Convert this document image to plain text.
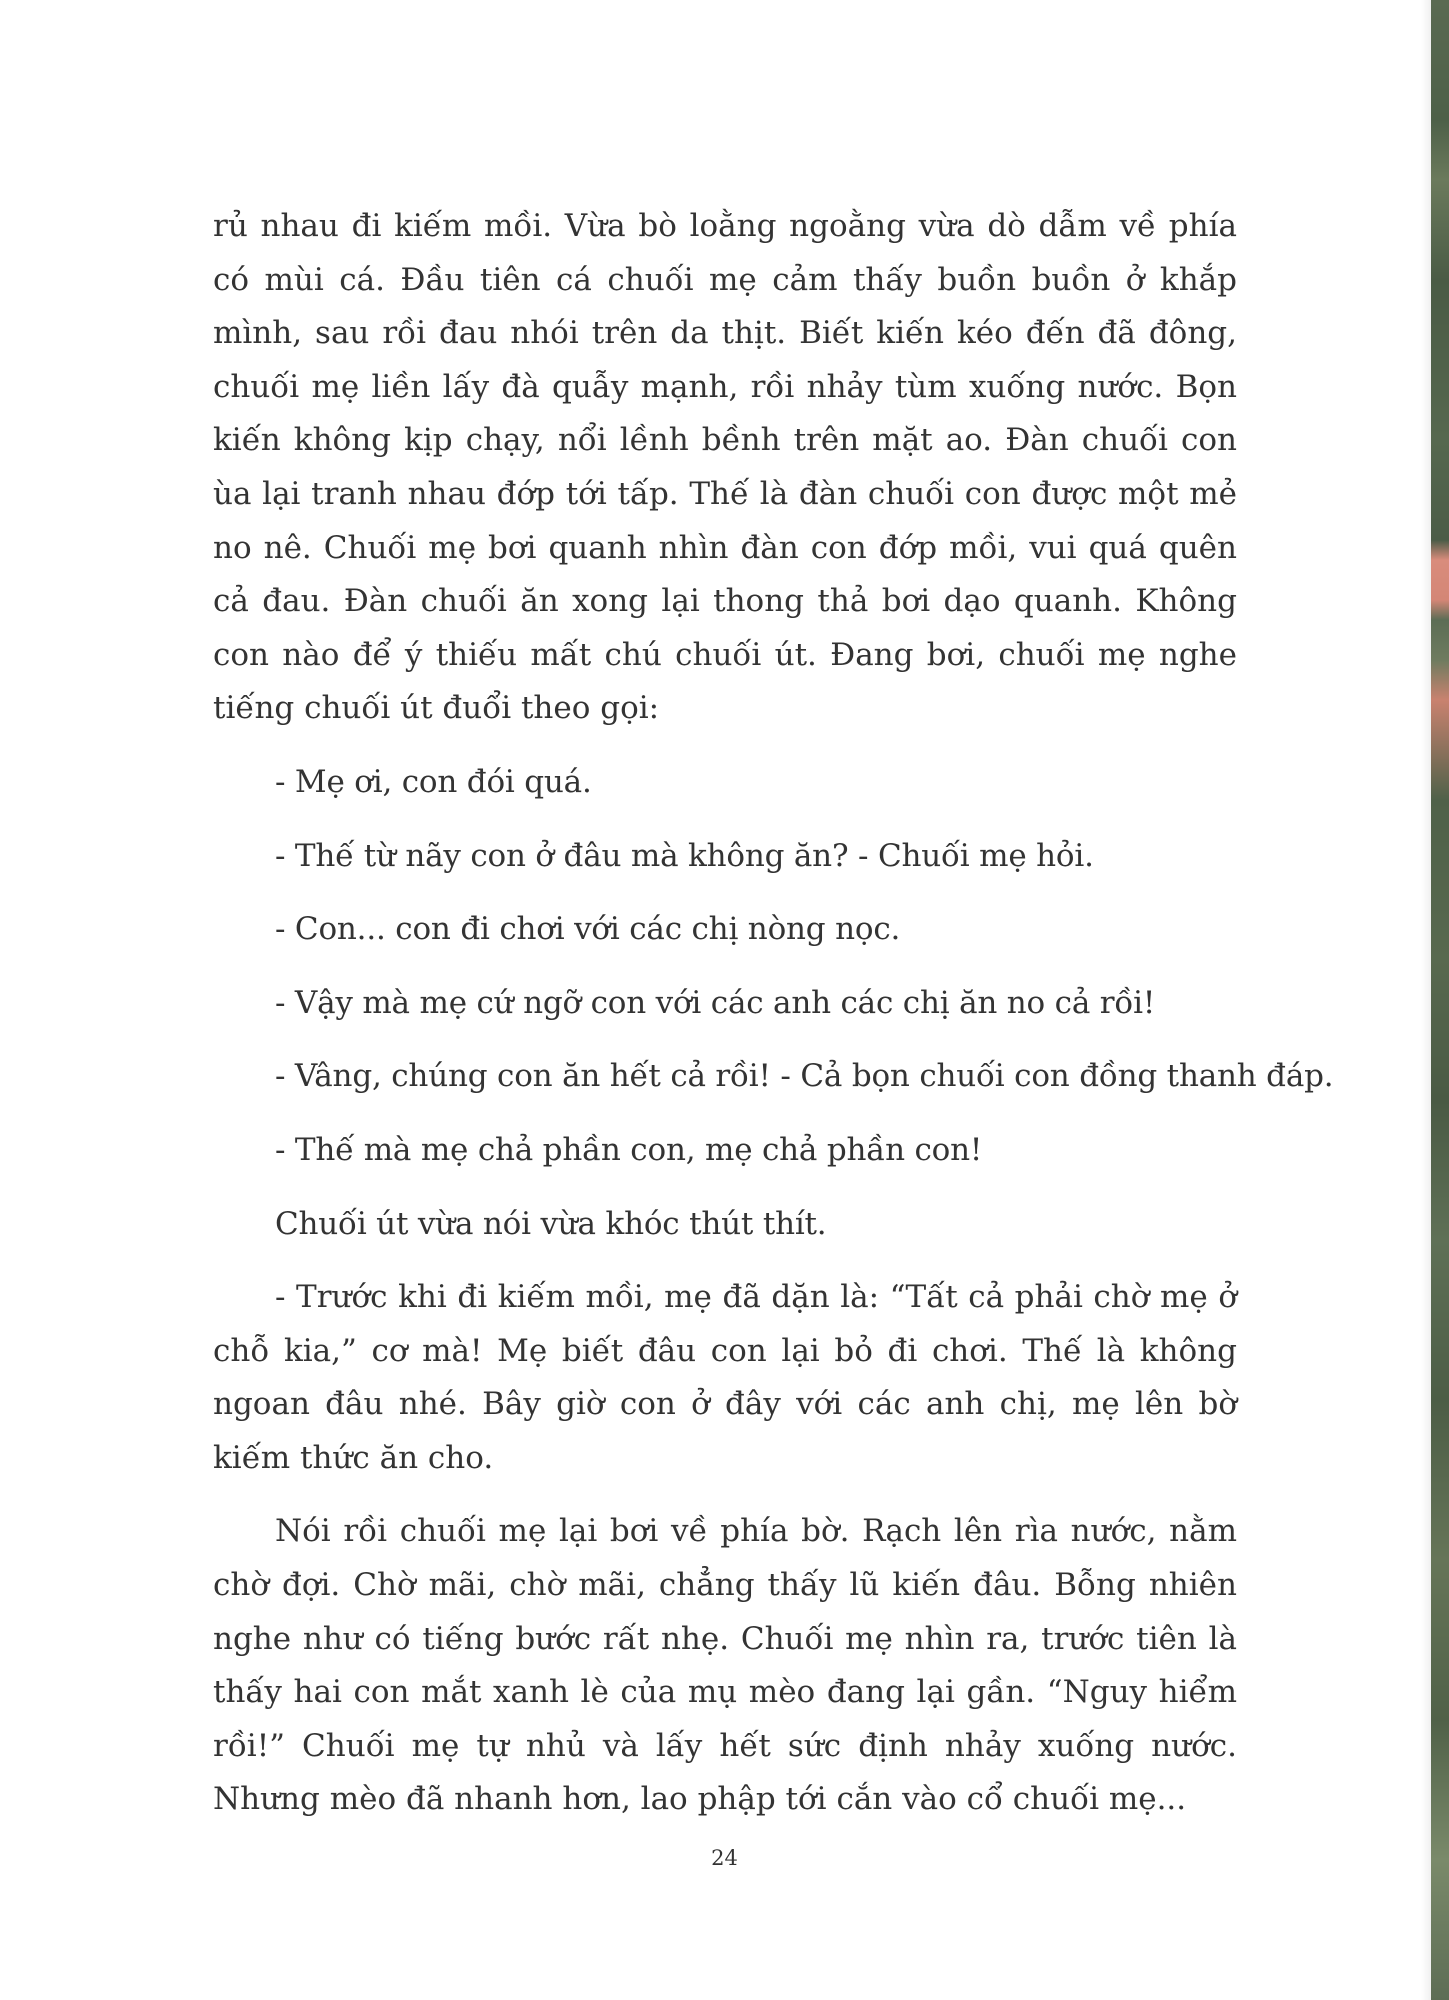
rủ nhau đi kiếm mồi. Vừa bò loằng ngoằng vừa dò dẫm về phía có mùi cá. Đầu tiên cá chuối mẹ cảm thấy buồn buồn ở khắp mình, sau rồi đau nhói trên da thịt. Biết kiến kéo đến đã đông, chuối mẹ liền lấy đà quẫy mạnh, rồi nhảy tùm xuống nước. Bọn kiến không kịp chạy, nổi lềnh bềnh trên mặt ao. Đàn chuối con ùa lại tranh nhau đớp tới tấp. Thế là đàn chuối con được một mẻ no nê. Chuối mẹ bơi quanh nhìn đàn con đớp mồi, vui quá quên cả đau. Đàn chuối ăn xong lại thong thả bơi dạo quanh. Không con nào để ý thiếu mất chú chuối út. Đang bơi, chuối mẹ nghe tiếng chuối út đuổi theo gọi:

- Mẹ ơi, con đói quá.

- Thế từ nãy con ở đâu mà không ăn? - Chuối mẹ hỏi.

- Con... con đi chơi với các chị nòng nọc.

- Vậy mà mẹ cứ ngỡ con với các anh các chị ăn no cả rồi!

- Vâng, chúng con ăn hết cả rồi! - Cả bọn chuối con đồng thanh đáp.

- Thế mà mẹ chả phần con, mẹ chả phần con!

Chuối út vừa nói vừa khóc thút thít.

- Trước khi đi kiếm mồi, mẹ đã dặn là: “Tất cả phải chờ mẹ ở chỗ kia,” cơ mà! Mẹ biết đâu con lại bỏ đi chơi. Thế là không ngoan đâu nhé. Bây giờ con ở đây với các anh chị, mẹ lên bờ kiếm thức ăn cho.

Nói rồi chuối mẹ lại bơi về phía bờ. Rạch lên rìa nước, nằm chờ đợi. Chờ mãi, chờ mãi, chẳng thấy lũ kiến đâu. Bỗng nhiên nghe như có tiếng bước rất nhẹ. Chuối mẹ nhìn ra, trước tiên là thấy hai con mắt xanh lè của mụ mèo đang lại gần. “Nguy hiểm rồi!” Chuối mẹ tự nhủ và lấy hết sức định nhảy xuống nước. Nhưng mèo đã nhanh hơn, lao phập tới cắn vào cổ chuối mẹ...

24
